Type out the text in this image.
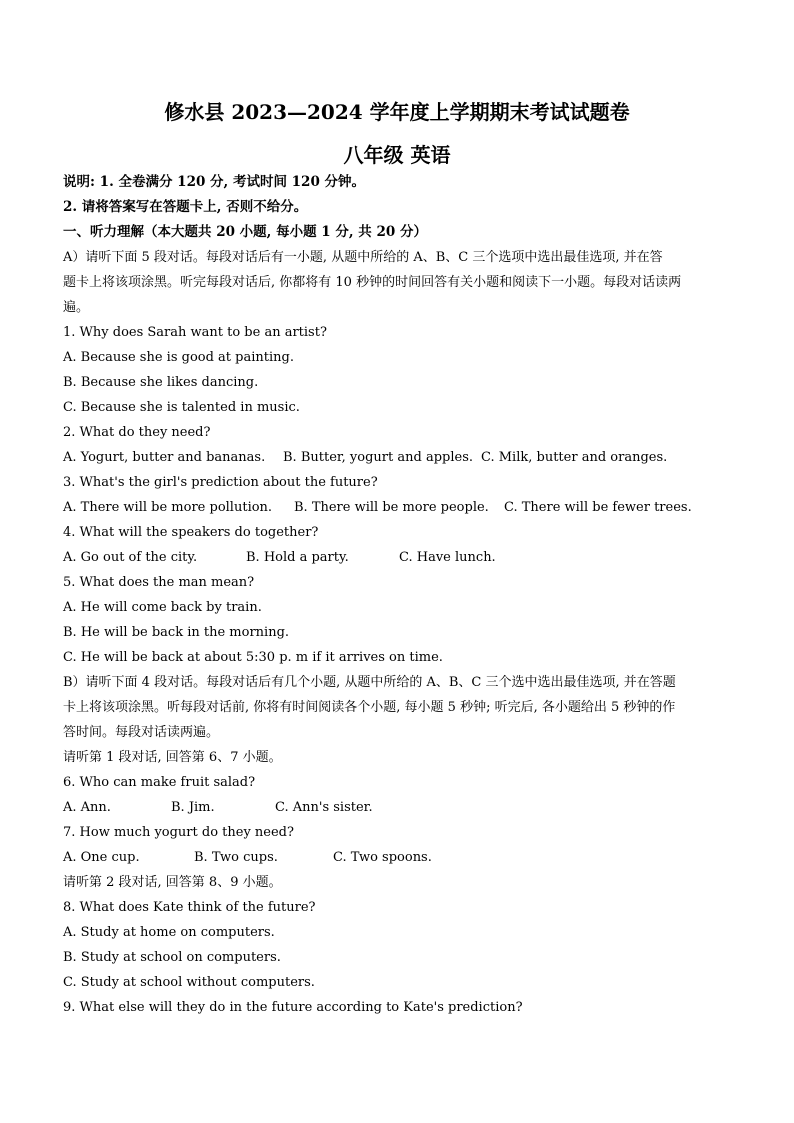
修水县 2023—2024 学年度上学期期末考试试题卷
八年级 英语
说明: 1. 全卷满分 120 分, 考试时间 120 分钟。
2. 请将答案写在答题卡上, 否则不给分。
一、听力理解（本大题共 20 小题, 每小题 1 分, 共 20 分）
A）请听下面 5 段对话。每段对话后有一小题, 从题中所给的 A、B、C 三个选项中选出最佳选项, 并在答
题卡上将该项涂黑。听完每段对话后, 你都将有 10 秒钟的时间回答有关小题和阅读下一小题。每段对话读两
遍。
1. Why does Sarah want to be an artist?
A. Because she is good at painting.
B. Because she likes dancing.
C. Because she is talented in music.
2. What do they need?
A. Yogurt, butter and bananas. B. Butter, yogurt and apples. C. Milk, butter and oranges.
3. What's the girl's prediction about the future?
A. There will be more pollution. B. There will be more people. C. There will be fewer trees.
4. What will the speakers do together?
A. Go out of the city.	B. Hold a party.	C. Have lunch.
5. What does the man mean?
A. He will come back by train.
B. He will be back in the morning.
C. He will be back at about 5:30 p. m if it arrives on time.
B）请听下面 4 段对话。每段对话后有几个小题, 从题中所给的 A、B、C 三个选中选出最佳选项, 并在答题
卡上将该项涂黑。听每段对话前, 你将有时间阅读各个小题, 每小题 5 秒钟; 听完后, 各小题给出 5 秒钟的作
答时间。每段对话读两遍。
请听第 1 段对话, 回答第 6、7 小题。
6. Who can make fruit salad?
A. Ann.	B. Jim.	C. Ann's sister.
7. How much yogurt do they need?
A. One cup.	B. Two cups.	C. Two spoons.
请听第 2 段对话, 回答第 8、9 小题。
8. What does Kate think of the future?
A. Study at home on computers.
B. Study at school on computers.
C. Study at school without computers.
9. What else will they do in the future according to Kate's prediction?
